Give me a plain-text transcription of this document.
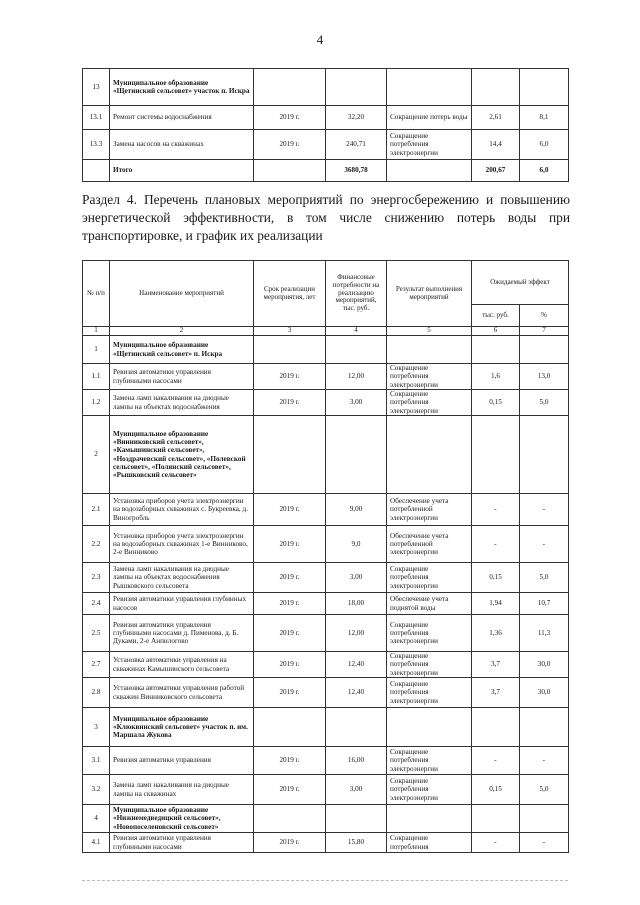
4
13	Муниципальное образование «Щетинский сельсовет» участок п. Искра					
13.1	Ремонт системы водоснабжения	2019 г.	32,20	Сокращение потерь воды	2,61	8,1
13.3	Замена насосов на скважинах	2019 г.	240,71	Сокращение потребления электроэнергии	14,4	6,0
	Итого		3680,78		200,67	6,0

Раздел 4. Перечень плановых мероприятий по энергосбережению и повышению энергетической эффективности, в том числе снижению потерь воды при транспортировке, и график их реализации

№ п/п	Наименование мероприятий	Срок реализации мероприятия, лет	Финансовые потребности на реализацию мероприятий, тыс. руб.	Результат выполнения мероприятий	Ожидаемый эффект	
					тыс. руб.	%
1	2	3	4	5	6	7
1	Муниципальное образование «Щетинский сельсовет» п. Искра					
1.1	Ревизия автоматики управления глубинными насосами	2019 г.	12,00	Сокращение потребления электроэнергии	1,6	13,0
1.2	Замена ламп накаливания на диодные лампы на объектах водоснабжения	2019 г.	3,00	Сокращение потребления электроэнергии	0,15	5,0
2	Муниципальное образование «Винниковский сельсовет», «Камышинский сельсовет», «Ноздрачевский сельсовет», «Полевской сельсовет», «Полянский сельсовет», «Рышковский сельсовет»					
2.1	Установка приборов учета электроэнергии на водозаборных скважинах с. Букреевка, д. Виногробль	2019 г.	9,00	Обеспечение учета потребленной электроэнергии	-	-
2.2	Установка приборов учета электроэнергии на водозаборных скважинах 1-е Винниково, 2-е Винниково	2019 г.	9,0	Обеспечение учета потребленной электроэнергии	-	-
2.3	Замена ламп накаливания на диодные лампы на объектах водоснабжения Рышковского сельсовета	2019 г.	3,00	Сокращение потребления электроэнергии	0,15	5,0
2.4	Ревизия автоматики управления глубинных насосов	2019 г.	18,00	Обеспечение учета поднятой воды	1,94	10,7
2.5	Ревизия автоматики управления глубинными насосами д. Пименова, д. Б. Дуками, 2-е Анпилогово	2019 г.	12,00	Сокращение потребления электроэнергии	1,36	11,3
2.7	Установка автоматики управления на скважинах Камышинского сельсовета	2019 г.	12,40	Сокращение потребления электроэнергии	3,7	30,0
2.8	Установка автоматики управления работой скважин Винниковского сельсовета	2019 г.	12,40	Сокращение потребления электроэнергии	3,7	30,0
3	Муниципальное образование «Клюквинский сельсовет» участок п. им. Маршала Жукова					
3.1	Ревизия автоматики управления	2019 г.	16,00	Сокращение потребления электроэнергии	-	-
3.2	Замена ламп накаливания на диодные лампы на скважинах	2019 г.	3,00	Сокращение потребления электроэнергии	0,15	5,0
4	Муниципальное образование «Нижнемедведицкий сельсовет», «Новопоселеновский сельсовет»					
4.1	Ревизия автоматики управления глубинными насосами	2019 г.	15,80	Сокращение потребления	-	-
